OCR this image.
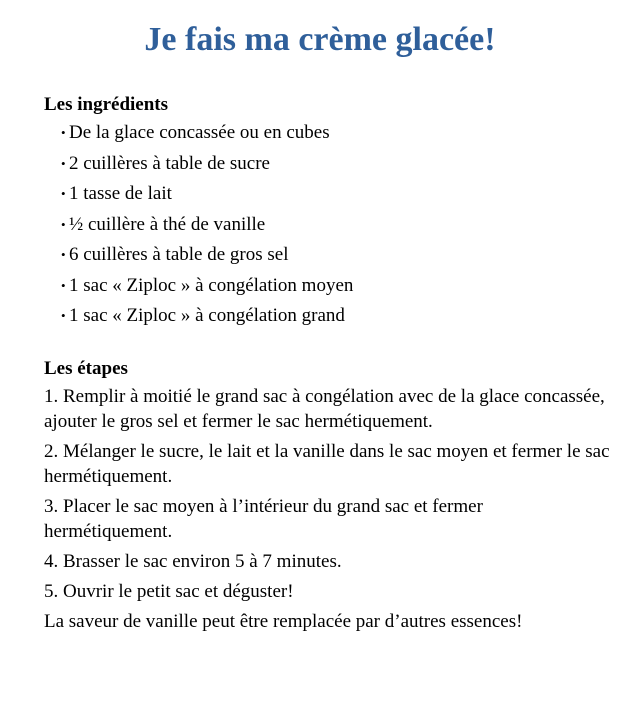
Je fais ma crème glacée!

Les ingrédients

• De la glace concassée ou en cubes
• 2 cuillères à table de sucre
• 1 tasse de lait
• ½ cuillère à thé de vanille
• 6 cuillères à table de gros sel
• 1 sac « Ziploc » à congélation moyen
• 1 sac « Ziploc » à congélation grand

Les étapes

1. Remplir à moitié le grand sac à congélation avec de la glace concassée, ajouter le gros sel et fermer le sac hermétiquement.
2. Mélanger le sucre, le lait et la vanille dans le sac moyen et fermer le sac hermétiquement.
3. Placer le sac moyen à l’intérieur du grand sac et fermer hermétiquement.
4. Brasser le sac environ 5 à 7 minutes.
5. Ouvrir le petit sac et déguster!

La saveur de vanille peut être remplacée par d’autres essences!
